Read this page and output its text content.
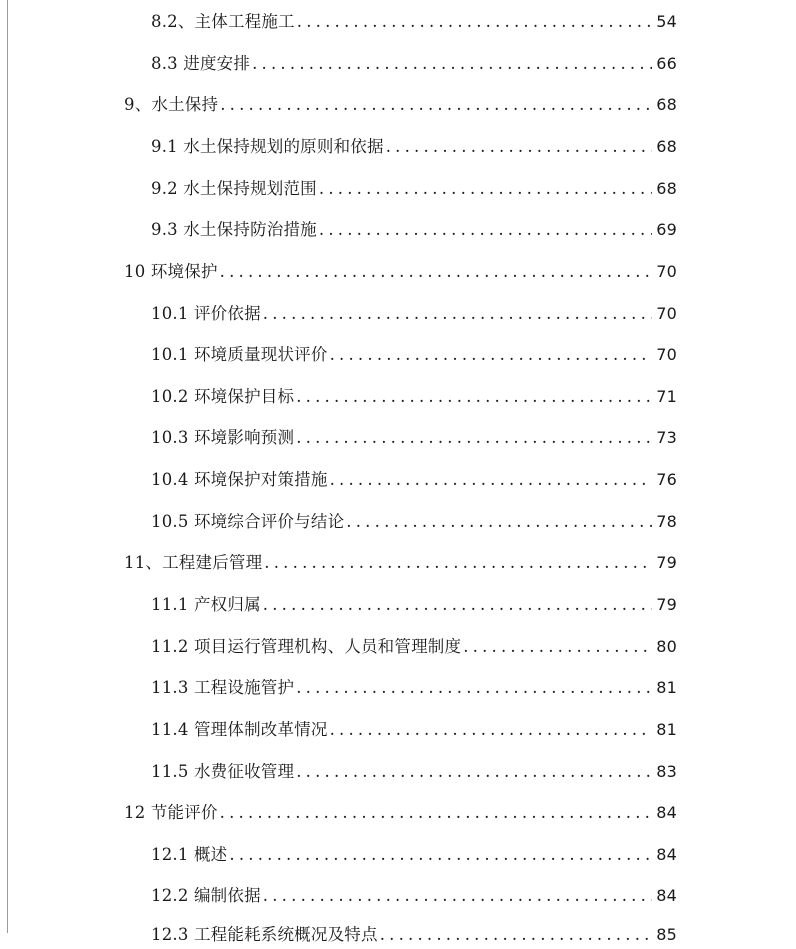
8.2、主体工程施工 .....	54
8.3 进度安排 .....	66
9、水土保持 .....	68
9.1 水土保持规划的原则和依据 .....	68
9.2 水土保持规划范围 .....	68
9.3 水土保持防治措施 .....	69
10 环境保护 .....	70
10.1 评价依据 .....	70
10.1 环境质量现状评价 .....	70
10.2 环境保护目标 .....	71
10.3 环境影响预测 .....	73
10.4 环境保护对策措施 .....	76
10.5 环境综合评价与结论 .....	78
11、工程建后管理 .....	79
11.1 产权归属 .....	79
11.2 项目运行管理机构、人员和管理制度 .....	80
11.3 工程设施管护 .....	81
11.4 管理体制改革情况 .....	81
11.5 水费征收管理 .....	83
12 节能评价 .....	84
12.1 概述 .....	84
12.2 编制依据 .....	84
12.3 工程能耗系统概况及特点 .....	85
